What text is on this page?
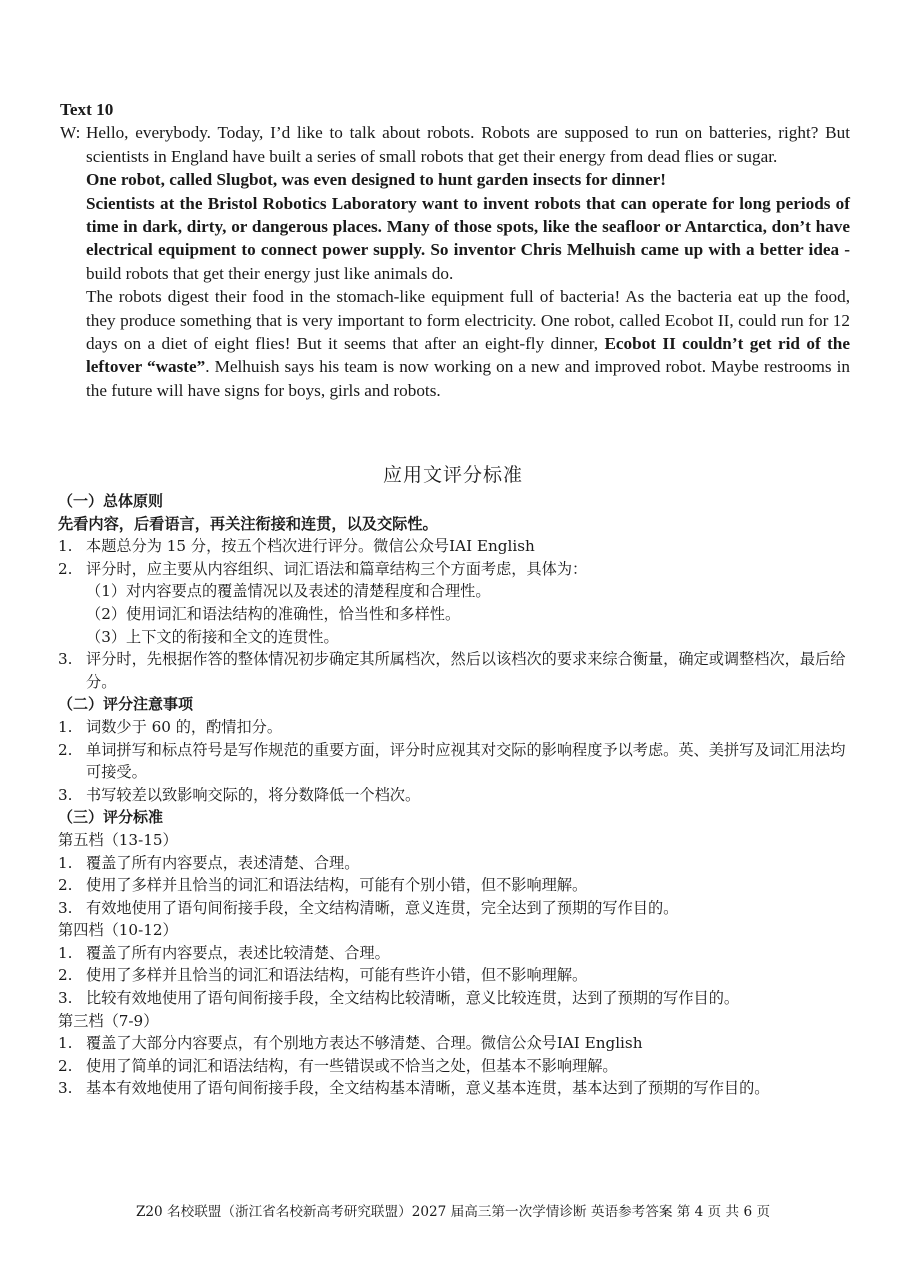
Text 10
W: Hello, everybody. Today, I’d like to talk about robots. Robots are supposed to run on batteries, right? But scientists in England have built a series of small robots that get their energy from dead flies or sugar.

One robot, called Slugbot, was even designed to hunt garden insects for dinner!

Scientists at the Bristol Robotics Laboratory want to invent robots that can operate for long periods of time in dark, dirty, or dangerous places. Many of those spots, like the seafloor or Antarctica, don’t have electrical equipment to connect power supply. So inventor Chris Melhuish came up with a better idea - build robots that get their energy just like animals do.

The robots digest their food in the stomach-like equipment full of bacteria! As the bacteria eat up the food, they produce something that is very important to form electricity. One robot, called Ecobot II, could run for 12 days on a diet of eight flies! But it seems that after an eight-fly dinner, Ecobot II couldn’t get rid of the leftover “waste”. Melhuish says his team is now working on a new and improved robot. Maybe restrooms in the future will have signs for boys, girls and robots.

应用文评分标准
（一）总体原则
先看内容，后看语言，再关注衔接和连贯，以及交际性。
1. 本题总分为 15 分，按五个档次进行评分。微信公众号IAI English
2. 评分时，应主要从内容组织、词汇语法和篇章结构三个方面考虑，具体为：
（1）对内容要点的覆盖情况以及表述的清楚程度和合理性。
（2）使用词汇和语法结构的准确性，恰当性和多样性。
（3）上下文的衔接和全文的连贯性。
3. 评分时，先根据作答的整体情况初步确定其所属档次，然后以该档次的要求来综合衡量，确定或调整档次，最后给分。
（二）评分注意事项
1. 词数少于 60 的，酌情扣分。
2. 单词拼写和标点符号是写作规范的重要方面，评分时应视其对交际的影响程度予以考虑。英、美拼写及词汇用法均可接受。
3. 书写较差以致影响交际的，将分数降低一个档次。
（三）评分标准
第五档（13-15）
1. 覆盖了所有内容要点，表述清楚、合理。
2. 使用了多样并且恰当的词汇和语法结构，可能有个别小错，但不影响理解。
3. 有效地使用了语句间衔接手段，全文结构清晰，意义连贯，完全达到了预期的写作目的。
第四档（10-12）
1. 覆盖了所有内容要点，表述比较清楚、合理。
2. 使用了多样并且恰当的词汇和语法结构，可能有些许小错，但不影响理解。
3. 比较有效地使用了语句间衔接手段，全文结构比较清晰，意义比较连贯，达到了预期的写作目的。
第三档（7-9）
1. 覆盖了大部分内容要点，有个别地方表达不够清楚、合理。微信公众号IAI English
2. 使用了简单的词汇和语法结构，有一些错误或不恰当之处，但基本不影响理解。
3. 基本有效地使用了语句间衔接手段，全文结构基本清晰，意义基本连贯，基本达到了预期的写作目的。
Z20 名校联盟（浙江省名校新高考研究联盟）2027 届高三第一次学情诊断 英语参考答案 第 4 页 共 6 页
